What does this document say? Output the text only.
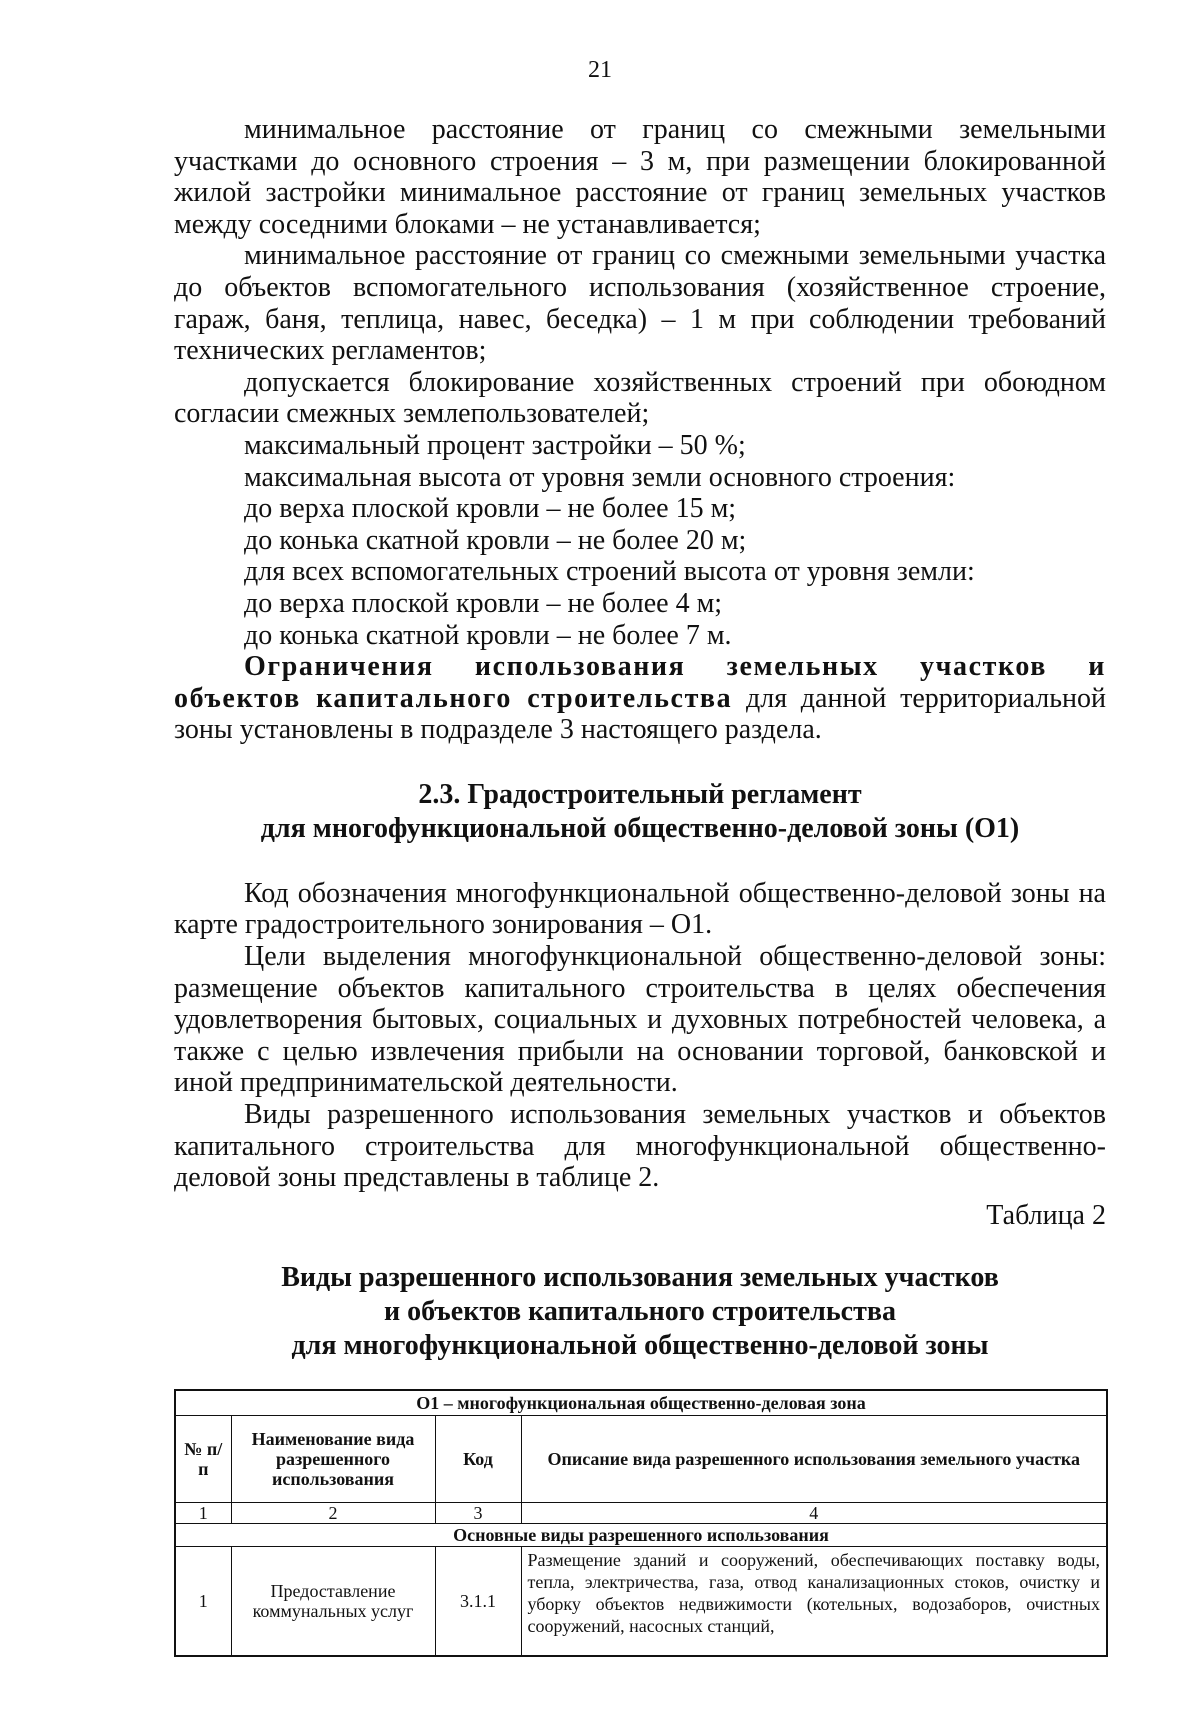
21

минимальное расстояние от границ со смежными земельными участками до основного строения – 3 м, при размещении блокированной жилой застройки минимальное расстояние от границ земельных участков между соседними блоками – не устанавливается;

минимальное расстояние от границ со смежными земельными участка до объектов вспомогательного использования (хозяйственное строение, гараж, баня, теплица, навес, беседка) – 1 м при соблюдении требований технических регламентов;

допускается блокирование хозяйственных строений при обоюдном согласии смежных землепользователей;

максимальный процент застройки – 50 %;

максимальная высота от уровня земли основного строения:

до верха плоской кровли – не более 15 м;

до конька скатной кровли – не более 20 м;

для всех вспомогательных строений высота от уровня земли:

до верха плоской кровли – не более 4 м;

до конька скатной кровли – не более 7 м.

Ограничения использования земельных участков и объектов капитального строительства для данной территориальной зоны установлены в подразделе 3 настоящего раздела.

2.3. Градостроительный регламент
для многофункциональной общественно-деловой зоны (О1)

Код обозначения многофункциональной общественно-деловой зоны на карте градостроительного зонирования – О1.

Цели выделения многофункциональной общественно-деловой зоны: размещение объектов капитального строительства в целях обеспечения удовлетворения бытовых, социальных и духовных потребностей человека, а также с целью извлечения прибыли на основании торговой, банковской и иной предпринимательской деятельности.

Виды разрешенного использования земельных участков и объектов капитального строительства для многофункциональной общественно-деловой зоны представлены в таблице 2.

Таблица 2
Виды разрешенного использования земельных участков
и объектов капитального строительства
для многофункциональной общественно-деловой зоны
О1 – многофункциональная общественно-деловая зона			
№ п/п	Наименование вида разрешенного использования	Код	Описание вида разрешенного использования земельного участка
1	2	3	4
Основные виды разрешенного использования			
1	Предоставление коммунальных услуг	3.1.1	Размещение зданий и сооружений, обеспечивающих поставку воды, тепла, электричества, газа, отвод канализационных стоков, очистку и уборку объектов недвижимости (котельных, водозаборов, очистных сооружений, насосных станций,
